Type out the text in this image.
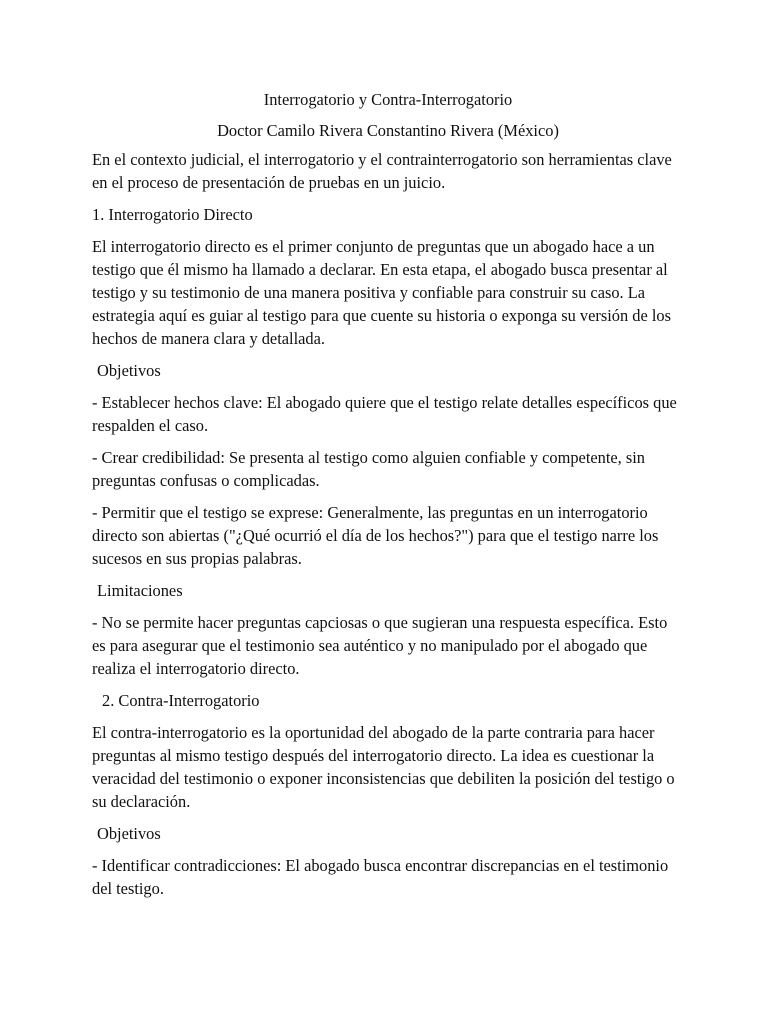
Interrogatorio y Contra-Interrogatorio

Doctor Camilo Rivera Constantino Rivera (México)

En el contexto judicial, el interrogatorio y el contrainterrogatorio son herramientas clave en el proceso de presentación de pruebas en un juicio.

1. Interrogatorio Directo

El interrogatorio directo es el primer conjunto de preguntas que un abogado hace a un testigo que él mismo ha llamado a declarar. En esta etapa, el abogado busca presentar al testigo y su testimonio de una manera positiva y confiable para construir su caso. La estrategia aquí es guiar al testigo para que cuente su historia o exponga su versión de los hechos de manera clara y detallada.

Objetivos

- Establecer hechos clave: El abogado quiere que el testigo relate detalles específicos que respalden el caso.

- Crear credibilidad: Se presenta al testigo como alguien confiable y competente, sin preguntas confusas o complicadas.

- Permitir que el testigo se exprese: Generalmente, las preguntas en un interrogatorio directo son abiertas ("¿Qué ocurrió el día de los hechos?") para que el testigo narre los sucesos en sus propias palabras.

Limitaciones

- No se permite hacer preguntas capciosas o que sugieran una respuesta específica. Esto es para asegurar que el testimonio sea auténtico y no manipulado por el abogado que realiza el interrogatorio directo.

2. Contra-Interrogatorio

El contra-interrogatorio es la oportunidad del abogado de la parte contraria para hacer preguntas al mismo testigo después del interrogatorio directo. La idea es cuestionar la veracidad del testimonio o exponer inconsistencias que debiliten la posición del testigo o su declaración.

Objetivos

- Identificar contradicciones: El abogado busca encontrar discrepancias en el testimonio del testigo.
